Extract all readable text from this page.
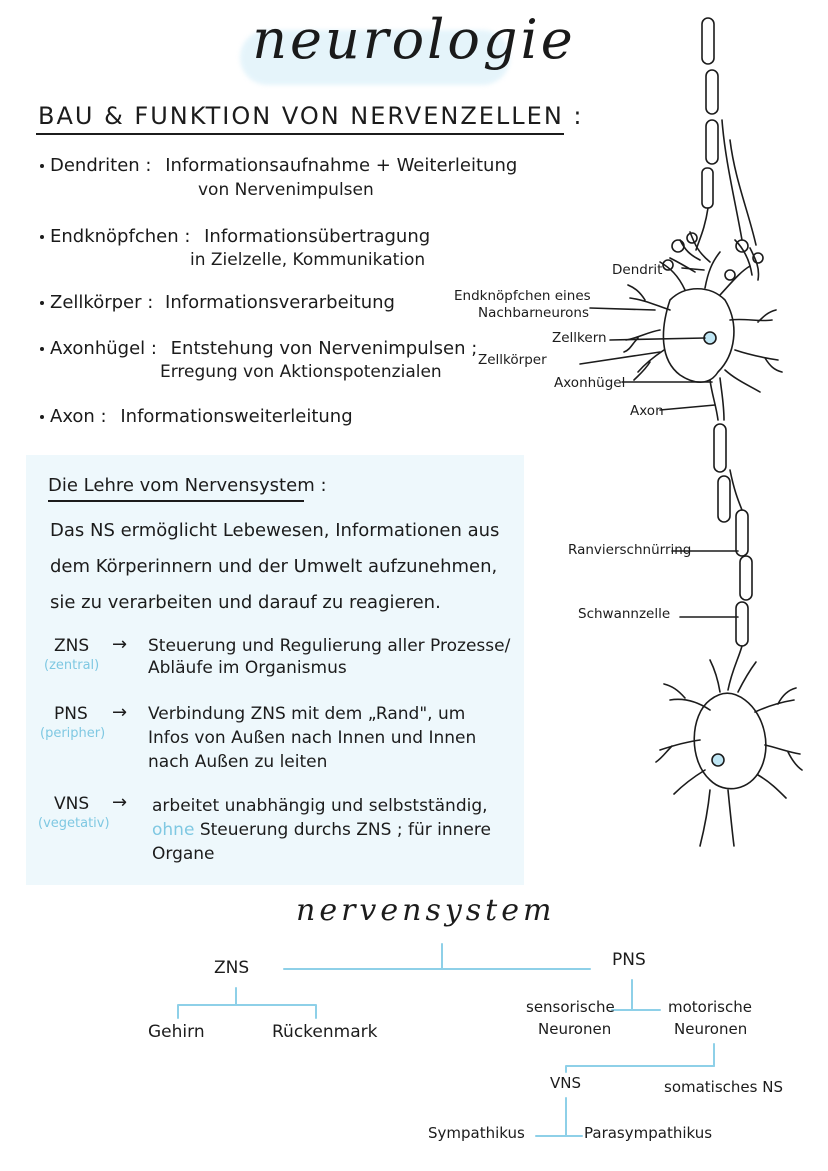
neurologie
BAU & FUNKTION VON NERVENZELLEN :
Dendriten : Informationsaufnahme + Weiterleitung
von Nervenimpulsen
Endknöpfchen : Informationsübertragung
in Zielzelle, Kommunikation
Zellkörper : Informationsverarbeitung
Axonhügel : Entstehung von Nervenimpulsen ;
Erregung von Aktionspotenzialen
Axon : Informationsweiterleitung
Die Lehre vom Nervensystem :
Das NS ermöglicht Lebewesen, Informationen aus
dem Körperinnern und der Umwelt aufzunehmen,
sie zu verarbeiten und darauf zu reagieren.
ZNS
(zentral)
→ Steuerung und Regulierung aller Prozesse/
Abläufe im Organismus
PNS
(peripher)
→ Verbindung ZNS mit dem „Rand", um
Infos von Außen nach Innen und Innen
nach Außen zu leiten
VNS
(vegetativ)
→ arbeitet unabhängig und selbstständig,
ohne Steuerung durchs ZNS ; für innere
Organe
Dendrit
Endknöpfchen eines
Nachbarneurons
Zellkern
Zellkörper
Axonhügel
Axon
Ranvierschnürring
Schwannzelle
nervensystem
ZNS	PNS
Gehirn	Rückenmark
sensorische
Neuronen
motorische
Neuronen
VNS	somatisches NS
Sympathikus	Parasympathikus
